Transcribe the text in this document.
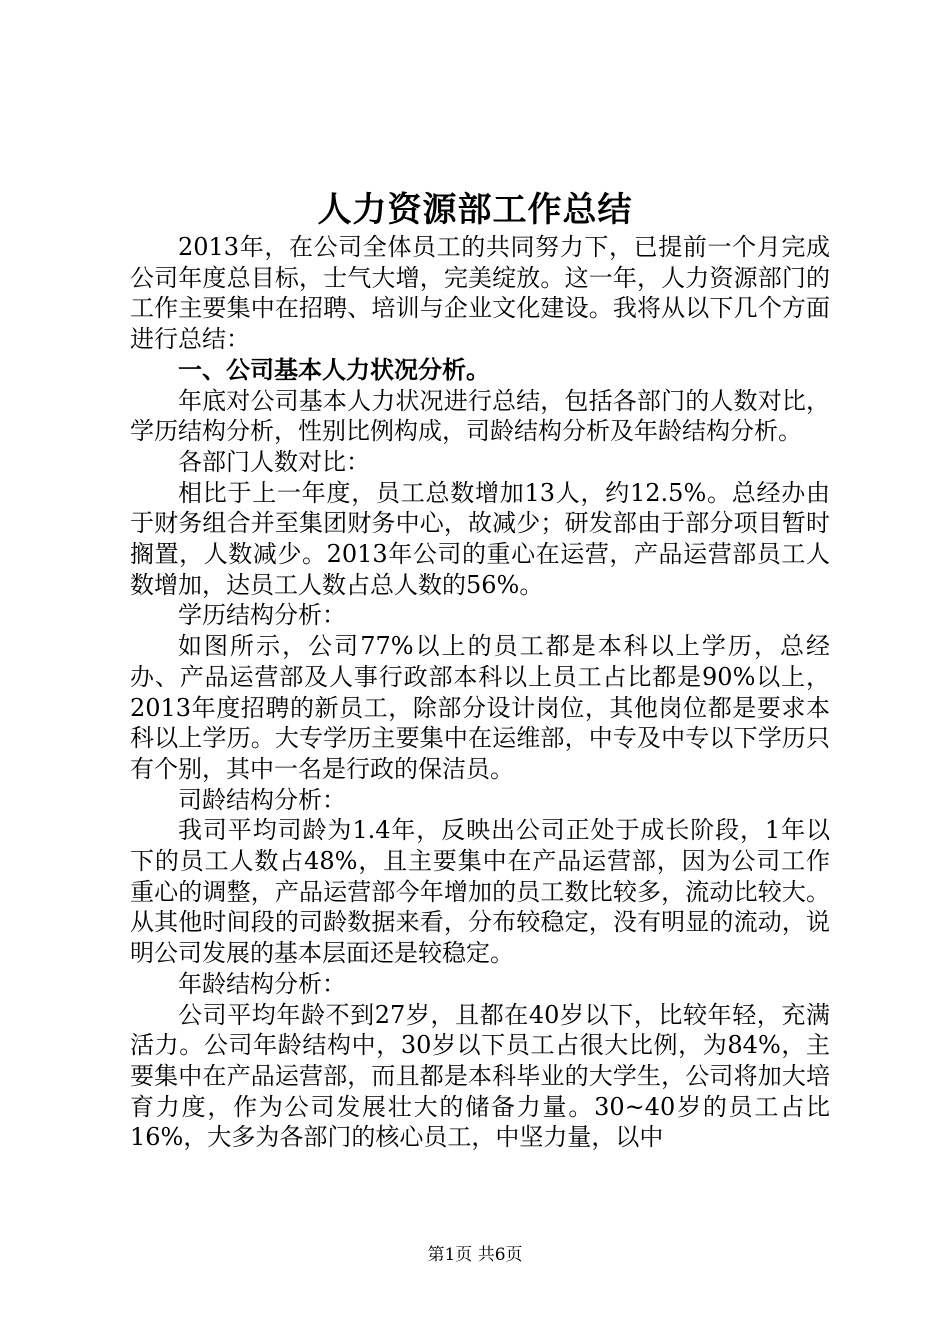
人力资源部工作总结

2013年，在公司全体员工的共同努力下，已提前一个月完成公司年度总目标，士气大增，完美绽放。这一年，人力资源部门的工作主要集中在招聘、培训与企业文化建设。我将从以下几个方面进行总结：

一、公司基本人力状况分析。

年底对公司基本人力状况进行总结，包括各部门的人数对比，学历结构分析，性别比例构成，司龄结构分析及年龄结构分析。

各部门人数对比：

相比于上一年度，员工总数增加13人，约12.5%。总经办由于财务组合并至集团财务中心，故减少；研发部由于部分项目暂时搁置，人数减少。2013年公司的重心在运营，产品运营部员工人数增加，达员工人数占总人数的56%。

学历结构分析：

如图所示，公司77%以上的员工都是本科以上学历，总经办、产品运营部及人事行政部本科以上员工占比都是90%以上，2013年度招聘的新员工，除部分设计岗位，其他岗位都是要求本科以上学历。大专学历主要集中在运维部，中专及中专以下学历只有个别，其中一名是行政的保洁员。

司龄结构分析：

我司平均司龄为1.4年，反映出公司正处于成长阶段，1年以下的员工人数占48%，且主要集中在产品运营部，因为公司工作重心的调整，产品运营部今年增加的员工数比较多，流动比较大。从其他时间段的司龄数据来看，分布较稳定，没有明显的流动，说明公司发展的基本层面还是较稳定。

年龄结构分析：

公司平均年龄不到27岁，且都在40岁以下，比较年轻，充满活力。公司年龄结构中，30岁以下员工占很大比例，为84%，主要集中在产品运营部，而且都是本科毕业的大学生，公司将加大培育力度，作为公司发展壮大的储备力量。30~40岁的员工占比16%，大多为各部门的核心员工，中坚力量，以中

第1页 共6页
